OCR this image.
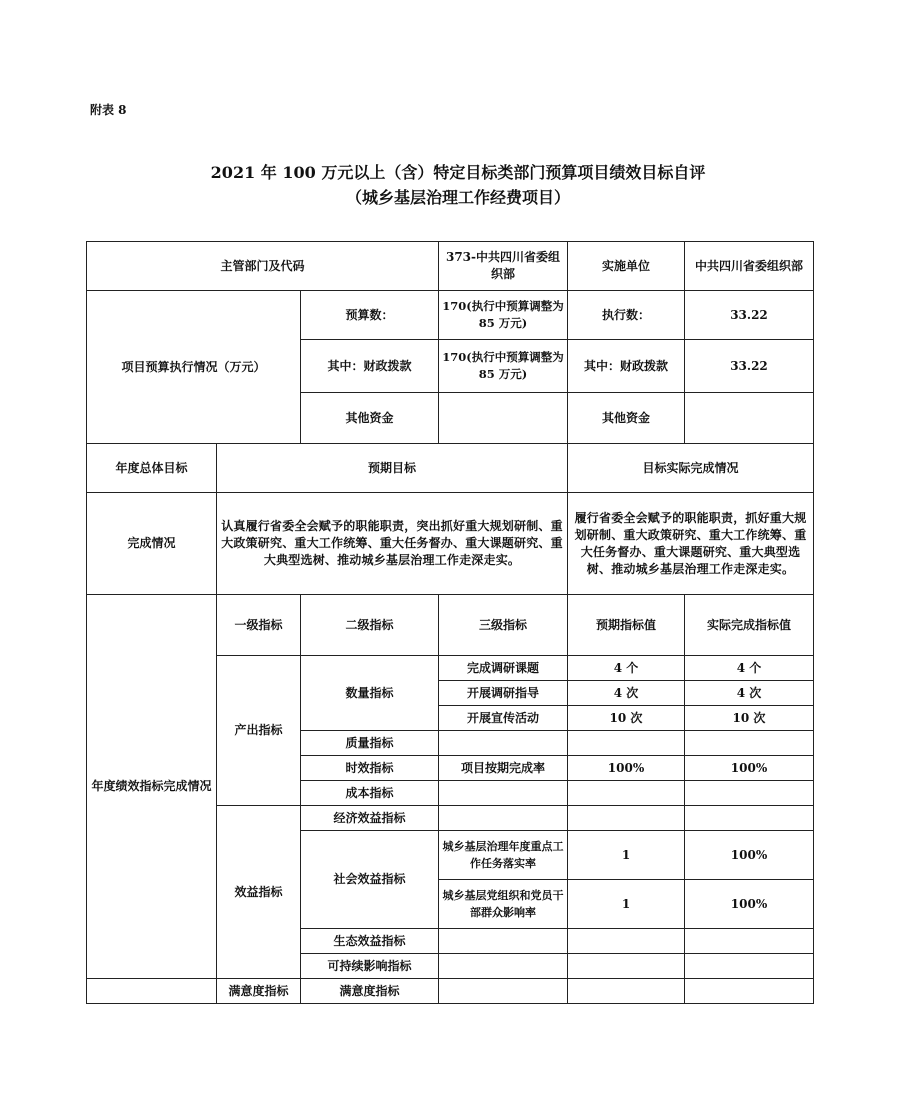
附表 8
2021 年 100 万元以上（含）特定目标类部门预算项目绩效目标自评
（城乡基层治理工作经费项目）
主管部门及代码			373-中共四川省委组织部	实施单位	中共四川省委组织部
项目预算执行情况（万元）		预算数：	170(执行中预算调整为 85 万元)	执行数：	33.22
		其中：财政拨款	170(执行中预算调整为 85 万元)	其中：财政拨款	33.22
		其他资金		其他资金	
年度总体目标	预期目标			目标实际完成情况	
完成情况	认真履行省委全会赋予的职能职责，突出抓好重大规划研制、重大政策研究、重大工作统筹、重大任务督办、重大课题研究、重大典型选树、推动城乡基层治理工作走深走实。			履行省委全会赋予的职能职责，抓好重大规划研制、重大政策研究、重大工作统筹、重大任务督办、重大课题研究、重大典型选树、推动城乡基层治理工作走深走实。	
年度绩效指标完成情况	一级指标	二级指标	三级指标	预期指标值	实际完成指标值
	产出指标	数量指标	完成调研课题	4 个	4 个
			开展调研指导	4 次	4 次
			开展宣传活动	10 次	10 次
		质量指标			
		时效指标	项目按期完成率	100%	100%
		成本指标			
	效益指标	经济效益指标			
		社会效益指标	城乡基层治理年度重点工作任务落实率	1	100%
			城乡基层党组织和党员干部群众影响率	1	100%
		生态效益指标			
		可持续影响指标			
	满意度指标	满意度指标			
